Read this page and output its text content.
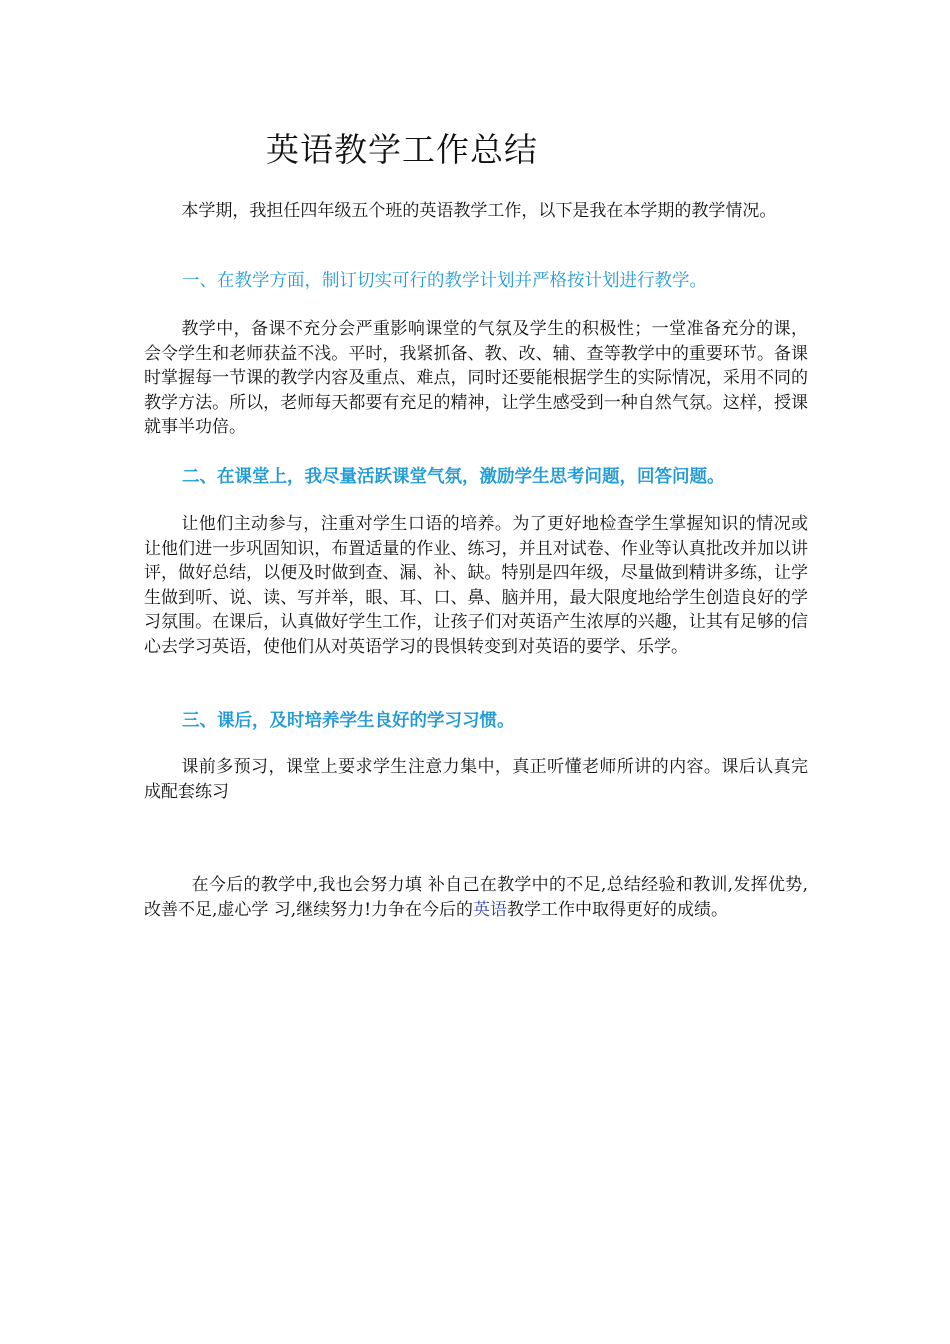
英语教学工作总结

本学期，我担任四年级五个班的英语教学工作，以下是我在本学期的教学情况。

一、在教学方面，制订切实可行的教学计划并严格按计划进行教学。

教学中，备课不充分会严重影响课堂的气氛及学生的积极性；一堂准备充分的课，会令学生和老师获益不浅。平时，我紧抓备、教、改、辅、查等教学中的重要环节。备课时掌握每一节课的教学内容及重点、难点，同时还要能根据学生的实际情况，采用不同的教学方法。所以，老师每天都要有充足的精神，让学生感受到一种自然气氛。这样，授课就事半功倍。

二、在课堂上，我尽量活跃课堂气氛，激励学生思考问题，回答问题。

让他们主动参与，注重对学生口语的培养。为了更好地检查学生掌握知识的情况或让他们进一步巩固知识，布置适量的作业、练习，并且对试卷、作业等认真批改并加以讲评，做好总结，以便及时做到查、漏、补、缺。特别是四年级，尽量做到精讲多练，让学生做到听、说、读、写并举，眼、耳、口、鼻、脑并用，最大限度地给学生创造良好的学习氛围。在课后，认真做好学生工作，让孩子们对英语产生浓厚的兴趣，让其有足够的信心去学习英语，使他们从对英语学习的畏惧转变到对英语的要学、乐学。

三、课后，及时培养学生良好的学习习惯。

课前多预习，课堂上要求学生注意力集中，真正听懂老师所讲的内容。课后认真完成配套练习

在今后的教学中,我也会努力填 补自己在教学中的不足,总结经验和教训,发挥优势,改善不足,虚心学 习,继续努力!力争在今后的英语教学工作中取得更好的成绩。
